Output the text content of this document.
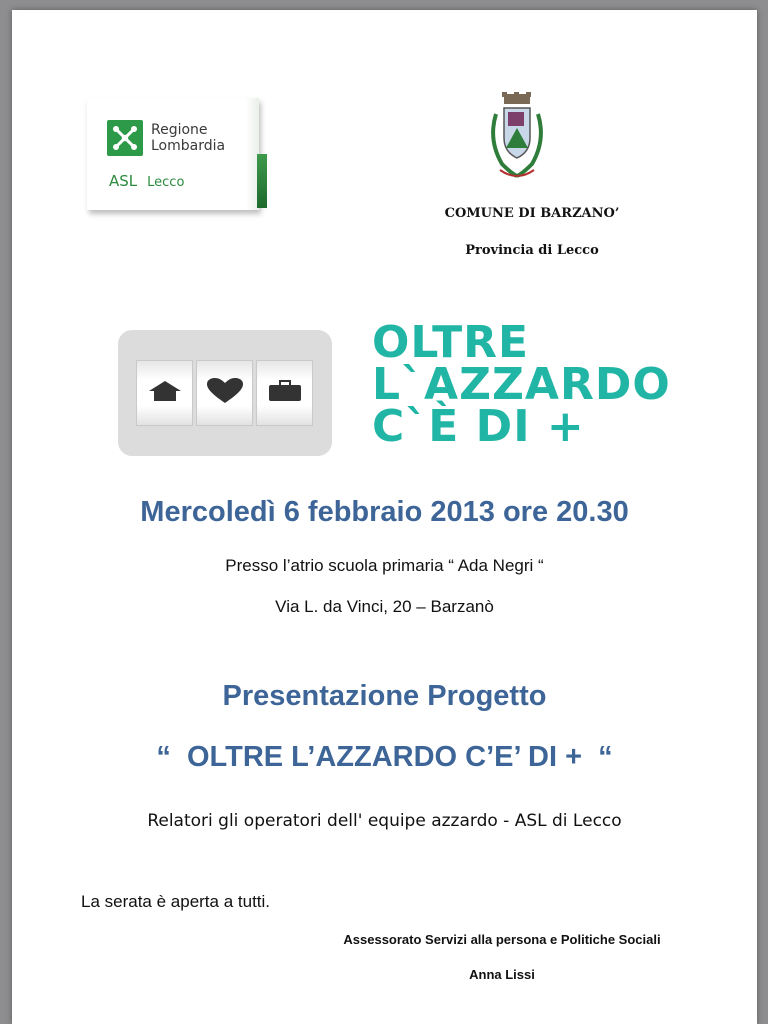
Regione
Lombardia
ASL Lecco
COMUNE DI BARZANO’
Provincia di Lecco
OLTRE
L`AZZARDO
C`È DI +
Mercoledì 6 febbraio 2013 ore 20.30
Presso l’atrio scuola primaria “ Ada Negri “
Via L. da Vinci, 20 – Barzanò
Presentazione Progetto
“  OLTRE L’AZZARDO C’E’ DI +  “
Relatori gli operatori dell' equipe azzardo - ASL di Lecco
La serata è aperta a tutti.
Assessorato Servizi alla persona e Politiche Sociali
Anna Lissi
